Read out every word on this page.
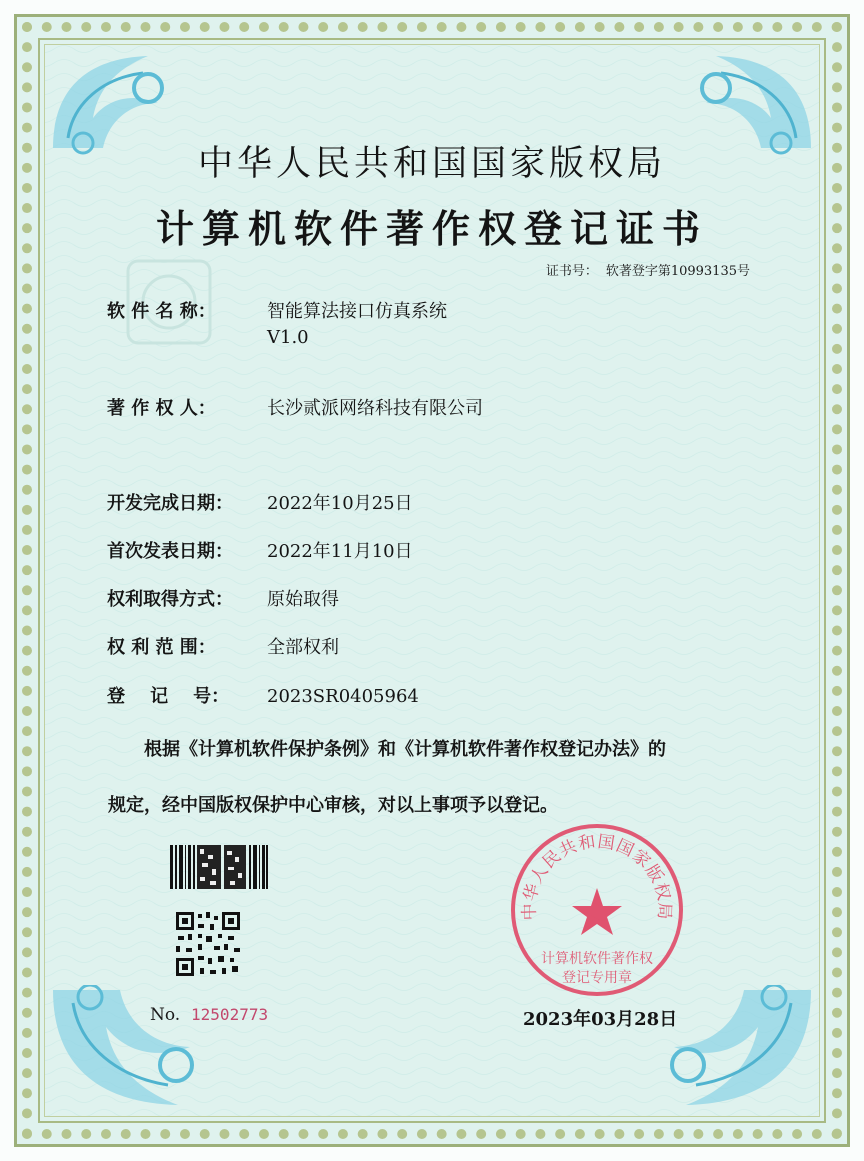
中华人民共和国国家版权局
计算机软件著作权登记证书
证书号： 软著登字第10993135号
软 件 名 称：	智能算法接口仿真系统
V1.0
著 作 权 人：	长沙贰派网络科技有限公司
开发完成日期： 2022年10月25日
首次发表日期： 2022年11月10日
权利取得方式： 原始取得
权 利 范 围：	全部权利
登    记    号： 2023SR0405964
根据《计算机软件保护条例》和《计算机软件著作权登记办法》的
规定，经中国版权保护中心审核，对以上事项予以登记。
No. 12502773
中华人民共和国国家版权局
计算机软件著作权
登记专用章
2023年03月28日
